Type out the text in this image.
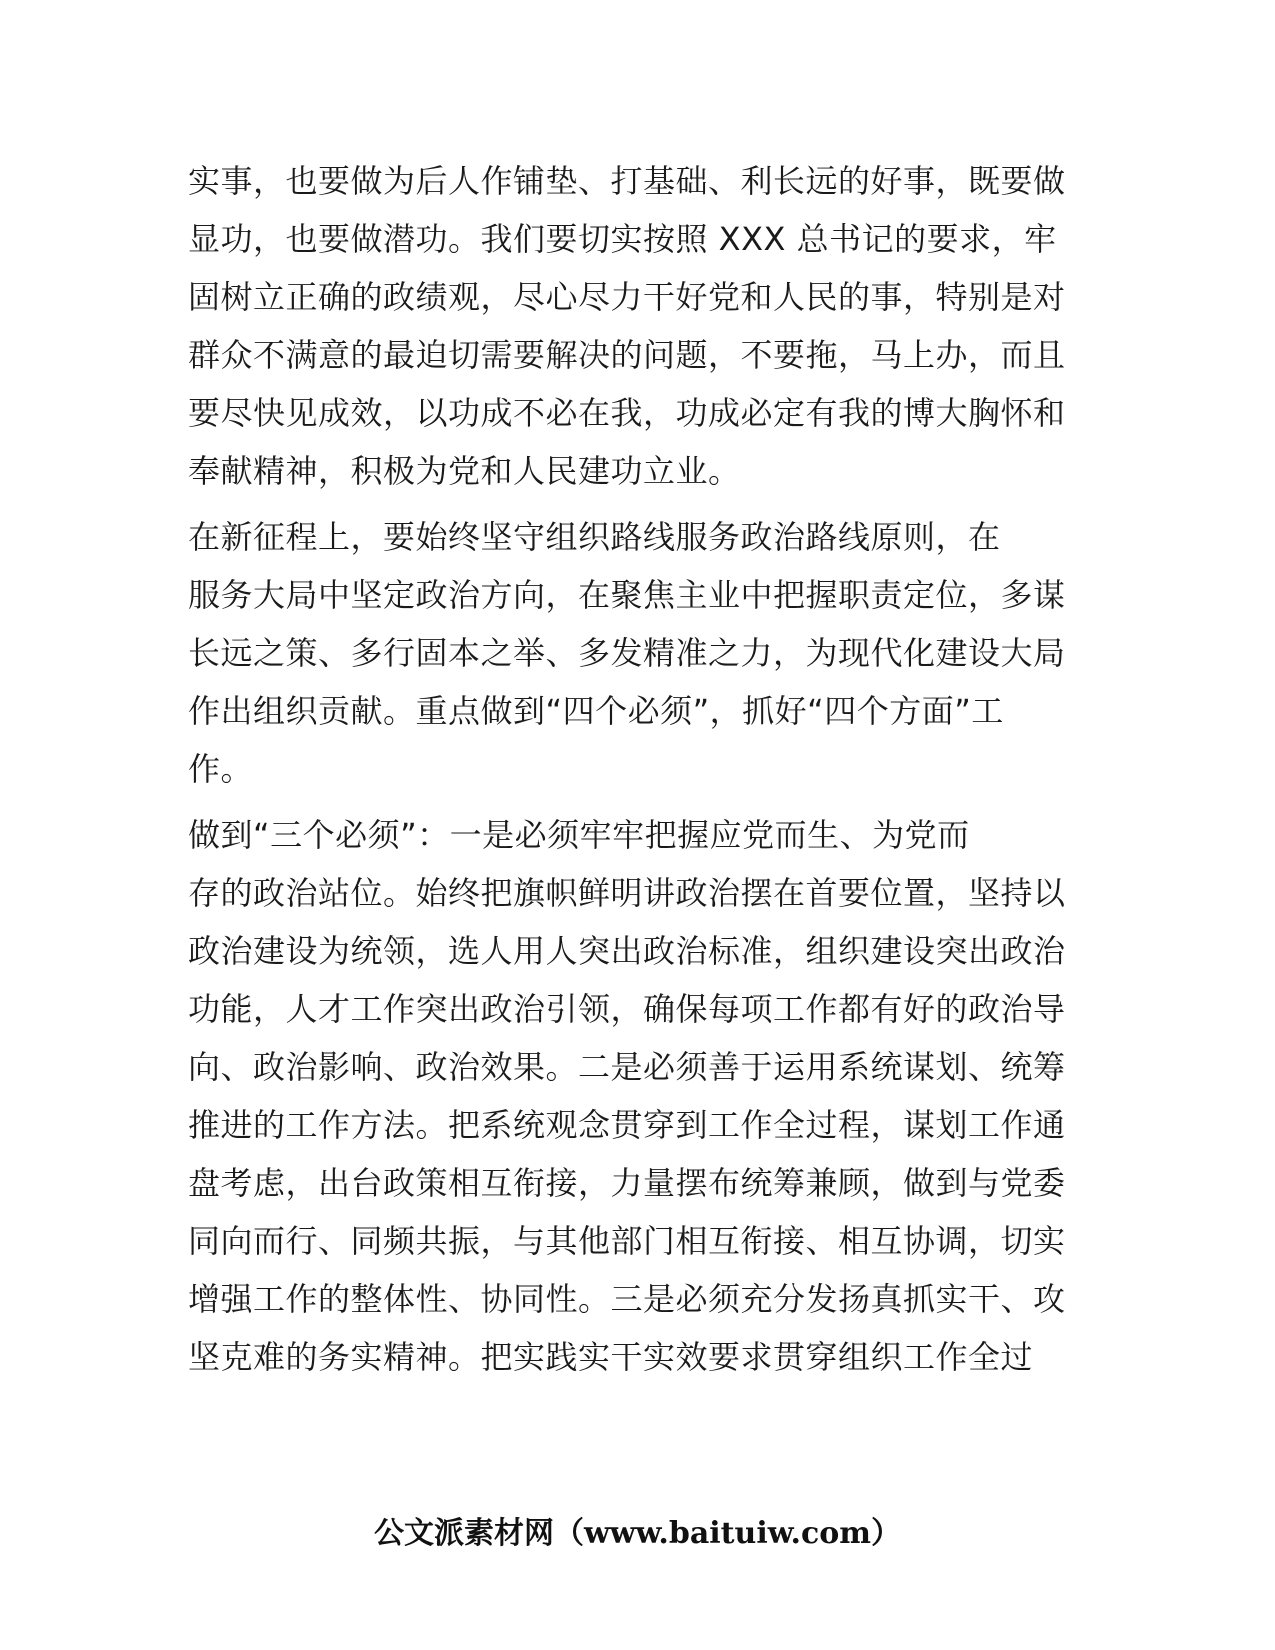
实事，也要做为后人作铺垫、打基础、利长远的好事，既要做
显功，也要做潜功。我们要切实按照 XXX 总书记的要求，牢
固树立正确的政绩观，尽心尽力干好党和人民的事，特别是对
群众不满意的最迫切需要解决的问题，不要拖，马上办，而且
要尽快见成效，以功成不必在我，功成必定有我的博大胸怀和
奉献精神，积极为党和人民建功立业。

在新征程上，要始终坚守组织路线服务政治路线原则，在
服务大局中坚定政治方向，在聚焦主业中把握职责定位，多谋
长远之策、多行固本之举、多发精准之力，为现代化建设大局
作出组织贡献。重点做到“四个必须”，抓好“四个方面”工
作。

做到“三个必须”：一是必须牢牢把握应党而生、为党而
存的政治站位。始终把旗帜鲜明讲政治摆在首要位置，坚持以
政治建设为统领，选人用人突出政治标准，组织建设突出政治
功能，人才工作突出政治引领，确保每项工作都有好的政治导
向、政治影响、政治效果。二是必须善于运用系统谋划、统筹
推进的工作方法。把系统观念贯穿到工作全过程，谋划工作通
盘考虑，出台政策相互衔接，力量摆布统筹兼顾，做到与党委
同向而行、同频共振，与其他部门相互衔接、相互协调，切实
增强工作的整体性、协同性。三是必须充分发扬真抓实干、攻
坚克难的务实精神。把实践实干实效要求贯穿组织工作全过

公文派素材网（www.baituiw.com）
